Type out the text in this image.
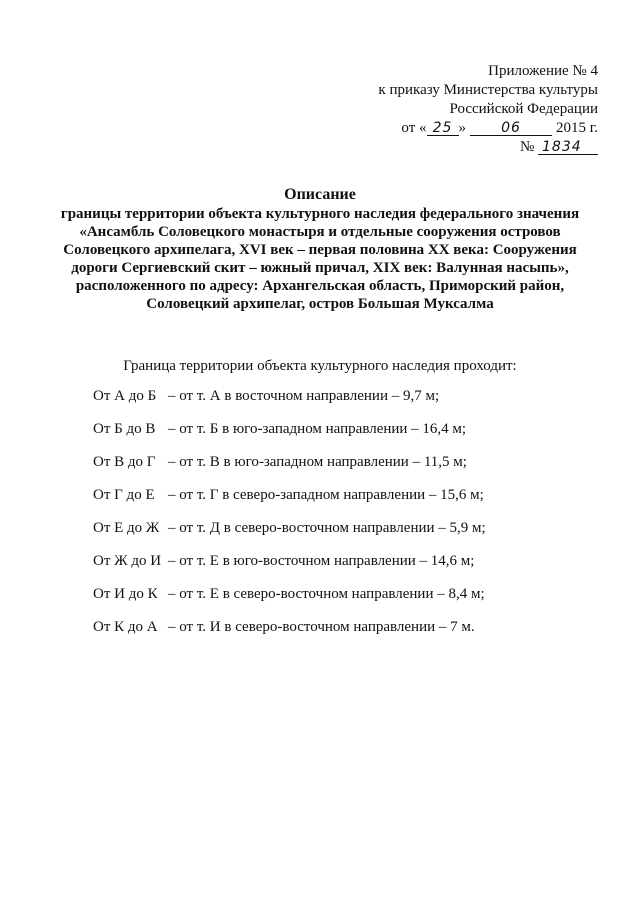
Приложение № 4
к приказу Министерства культуры
Российской Федерации
от « 25 »	06 2015 г.
№ 1834
Описание
границы территории объекта культурного наследия федерального значения «Ансамбль Соловецкого монастыря и отдельные сооружения островов Соловецкого архипелага, XVI век – первая половина XX века: Сооружения дороги Сергиевский скит – южный причал, XIX век: Валунная насыпь», расположенного по адресу: Архангельская область, Приморский район, Соловецкий архипелаг, остров Большая Муксалма
Граница территории объекта культурного наследия проходит:
От А до Б – от т. А в восточном направлении – 9,7 м;
От Б до В – от т. Б в юго-западном направлении – 16,4 м;
От В до Г – от т. В в юго-западном направлении – 11,5 м;
От Г до Е – от т. Г в северо-западном направлении – 15,6 м;
От Е до Ж – от т. Д в северо-восточном направлении – 5,9 м;
От Ж до И – от т. Е в юго-восточном направлении – 14,6 м;
От И до К – от т. Е в северо-восточном направлении – 8,4 м;
От К до А – от т. И в северо-восточном направлении – 7 м.
